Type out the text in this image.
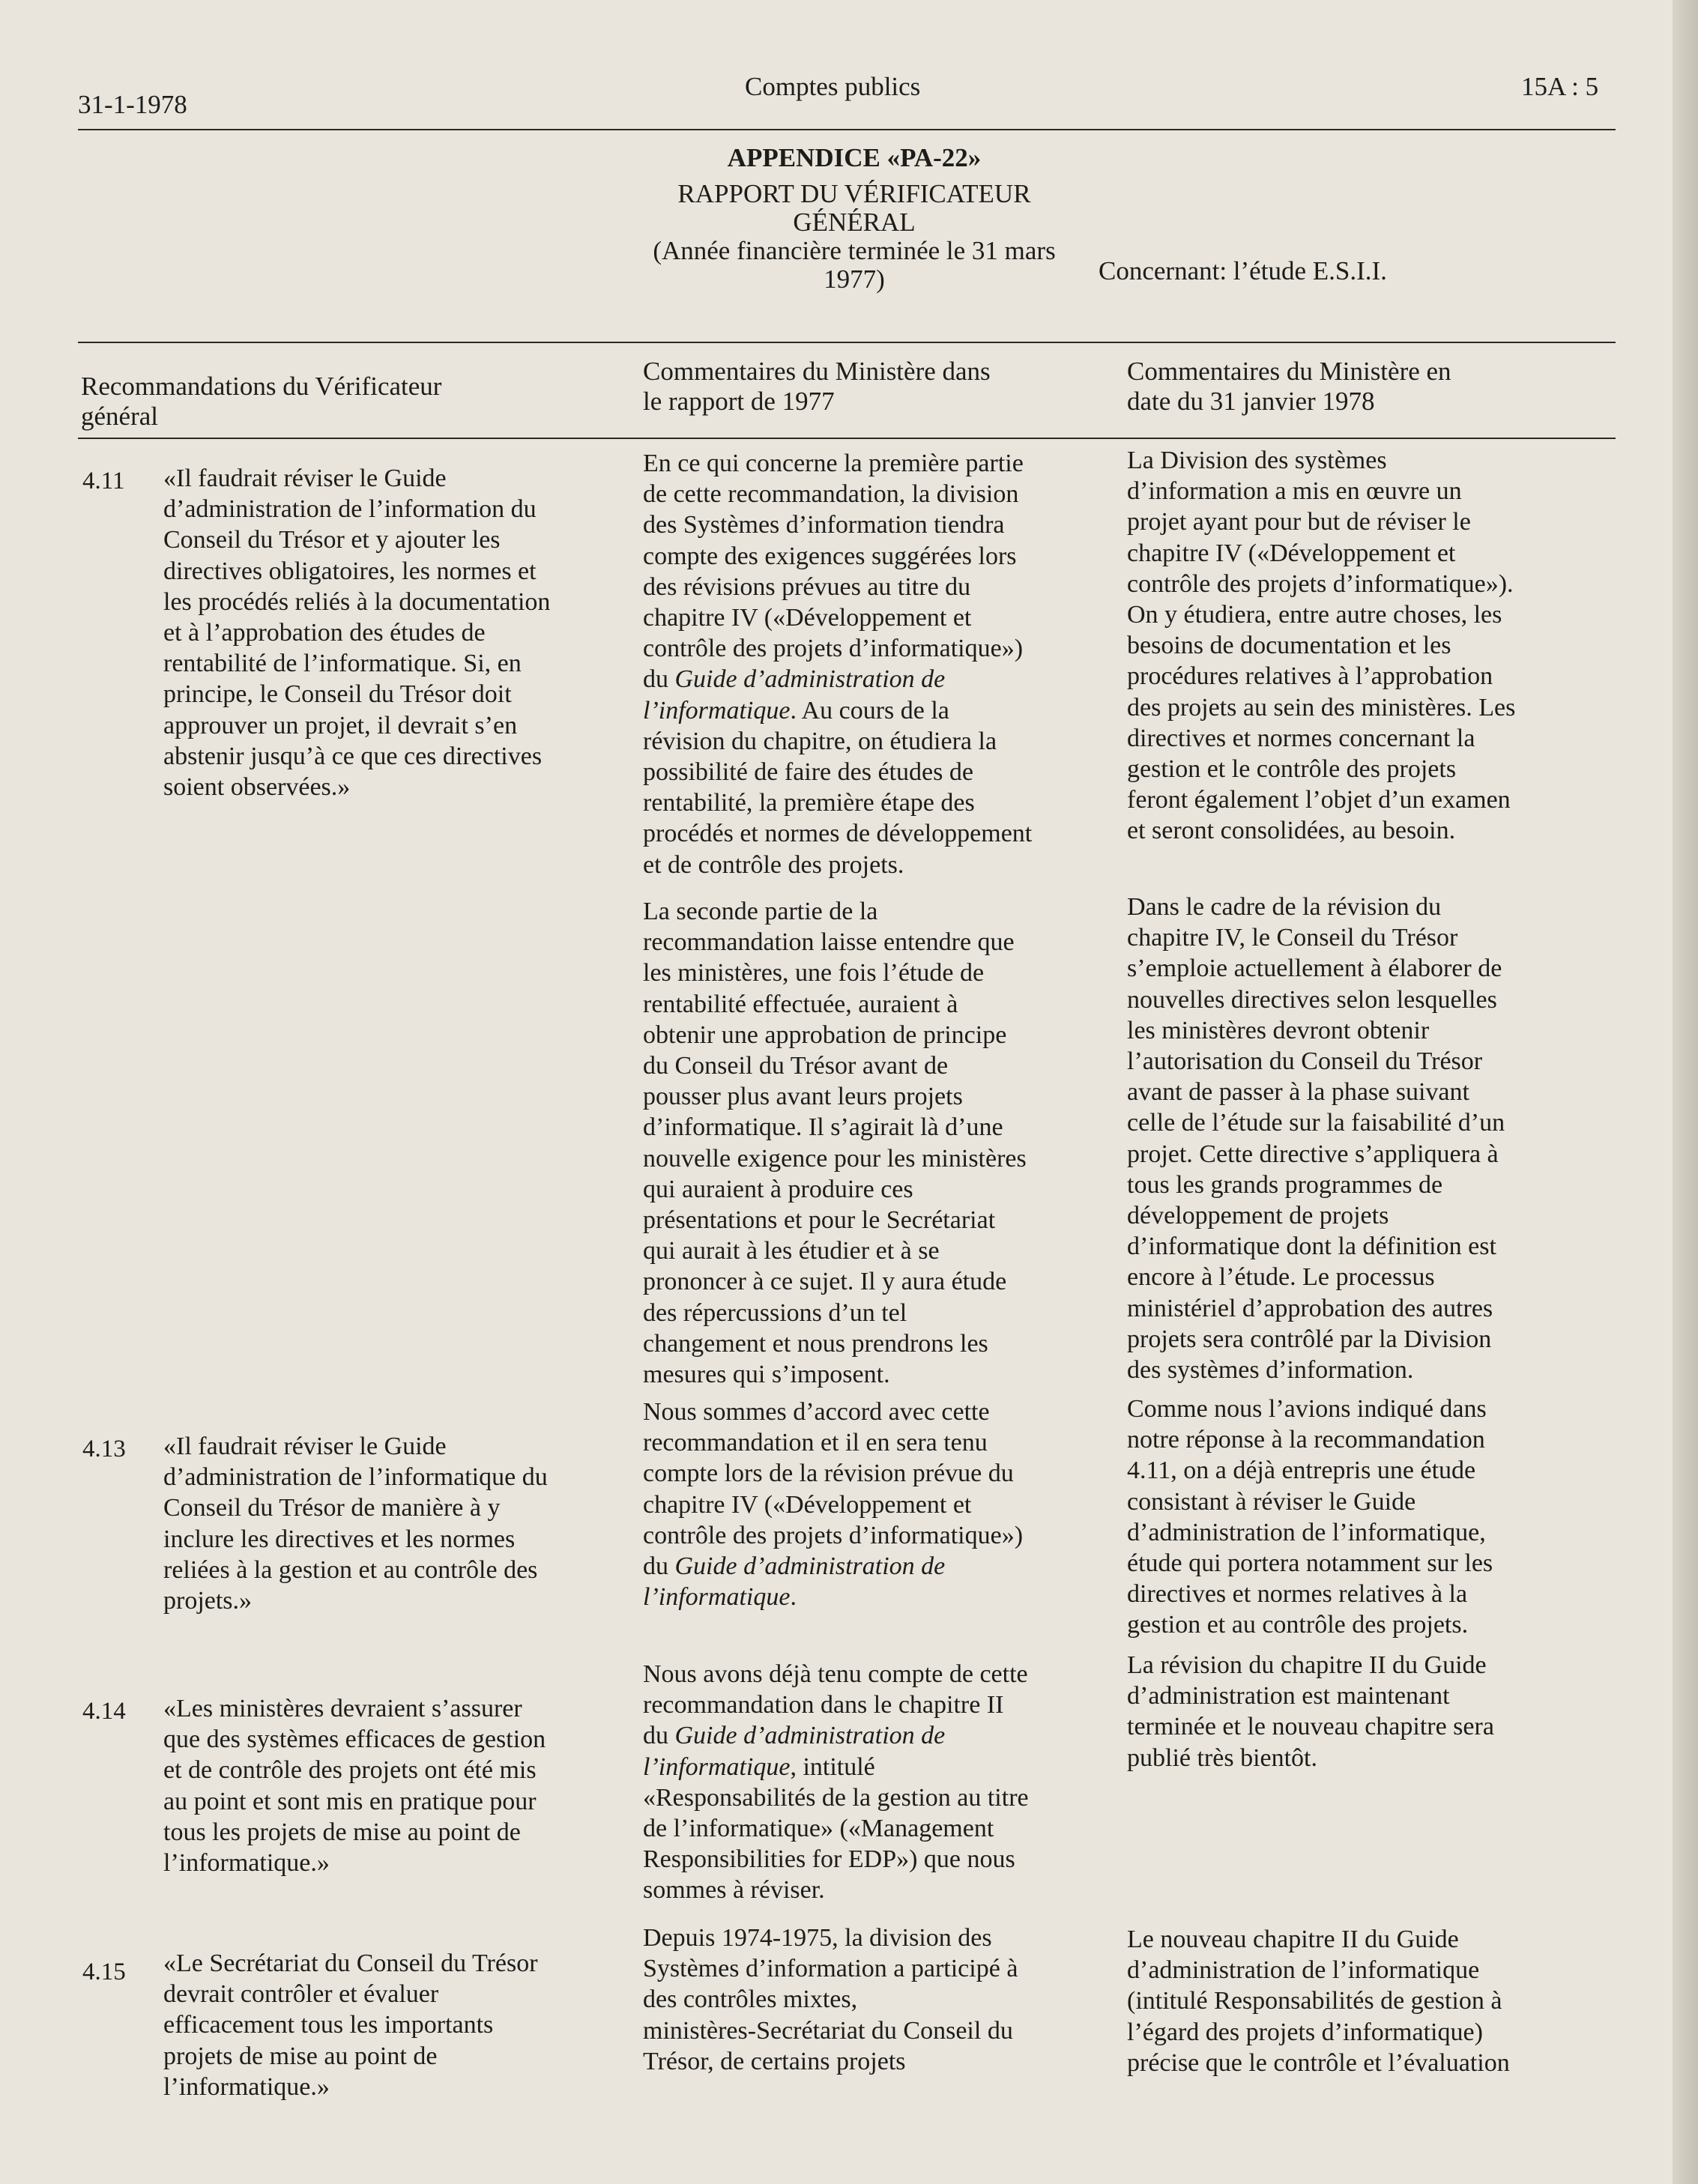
31-1-1978
Comptes publics	15A : 5
APPENDICE «PA-22»
RAPPORT DU VÉRIFICATEUR
GÉNÉRAL
(Année financière terminée le 31 mars
1977)	Concernant: l’étude E.S.I.I.
Recommandations du Vérificateur
général
Commentaires du Ministère dans
le rapport de 1977
Commentaires du Ministère en
date du 31 janvier 1978
4.11 «Il faudrait réviser le Guide
d’administration de l’information du
Conseil du Trésor et y ajouter les
directives obligatoires, les normes et
les procédés reliés à la documentation
et à l’approbation des études de
rentabilité de l’informatique. Si, en
principe, le Conseil du Trésor doit
approuver un projet, il devrait s’en
abstenir jusqu’à ce que ces directives
soient observées.»
En ce qui concerne la première partie
de cette recommandation, la division
des Systèmes d’information tiendra
compte des exigences suggérées lors
des révisions prévues au titre du
chapitre IV («Développement et
contrôle des projets d’informatique»)
du Guide d’administration de
l’informatique. Au cours de la
révision du chapitre, on étudiera la
possibilité de faire des études de
rentabilité, la première étape des
procédés et normes de développement
et de contrôle des projets.
La seconde partie de la
recommandation laisse entendre que
les ministères, une fois l’étude de
rentabilité effectuée, auraient à
obtenir une approbation de principe
du Conseil du Trésor avant de
pousser plus avant leurs projets
d’informatique. Il s’agirait là d’une
nouvelle exigence pour les ministères
qui auraient à produire ces
présentations et pour le Secrétariat
qui aurait à les étudier et à se
prononcer à ce sujet. Il y aura étude
des répercussions d’un tel
changement et nous prendrons les
mesures qui s’imposent.
La Division des systèmes
d’information a mis en œuvre un
projet ayant pour but de réviser le
chapitre IV («Développement et
contrôle des projets d’informatique»).
On y étudiera, entre autre choses, les
besoins de documentation et les
procédures relatives à l’approbation
des projets au sein des ministères. Les
directives et normes concernant la
gestion et le contrôle des projets
feront également l’objet d’un examen
et seront consolidées, au besoin.
Dans le cadre de la révision du
chapitre IV, le Conseil du Trésor
s’emploie actuellement à élaborer de
nouvelles directives selon lesquelles
les ministères devront obtenir
l’autorisation du Conseil du Trésor
avant de passer à la phase suivant
celle de l’étude sur la faisabilité d’un
projet. Cette directive s’appliquera à
tous les grands programmes de
développement de projets
d’informatique dont la définition est
encore à l’étude. Le processus
ministériel d’approbation des autres
projets sera contrôlé par la Division
des systèmes d’information.
4.13 «Il faudrait réviser le Guide
d’administration de l’informatique du
Conseil du Trésor de manière à y
inclure les directives et les normes
reliées à la gestion et au contrôle des
projets.»
Nous sommes d’accord avec cette
recommandation et il en sera tenu
compte lors de la révision prévue du
chapitre IV («Développement et
contrôle des projets d’informatique»)
du Guide d’administration de
l’informatique.
Comme nous l’avions indiqué dans
notre réponse à la recommandation
4.11, on a déjà entrepris une étude
consistant à réviser le Guide
d’administration de l’informatique,
étude qui portera notamment sur les
directives et normes relatives à la
gestion et au contrôle des projets.
4.14 «Les ministères devraient s’assurer
que des systèmes efficaces de gestion
et de contrôle des projets ont été mis
au point et sont mis en pratique pour
tous les projets de mise au point de
l’informatique.»
Nous avons déjà tenu compte de cette
recommandation dans le chapitre II
du Guide d’administration de
l’informatique, intitulé
«Responsabilités de la gestion au titre
de l’informatique» («Management
Responsibilities for EDP») que nous
sommes à réviser.
La révision du chapitre II du Guide
d’administration est maintenant
terminée et le nouveau chapitre sera
publié très bientôt.
4.15 «Le Secrétariat du Conseil du Trésor
devrait contrôler et évaluer
efficacement tous les importants
projets de mise au point de
l’informatique.»
Depuis 1974-1975, la division des
Systèmes d’information a participé à
des contrôles mixtes,
ministères-Secrétariat du Conseil du
Trésor, de certains projets
Le nouveau chapitre II du Guide
d’administration de l’informatique
(intitulé Responsabilités de gestion à
l’égard des projets d’informatique)
précise que le contrôle et l’évaluation
